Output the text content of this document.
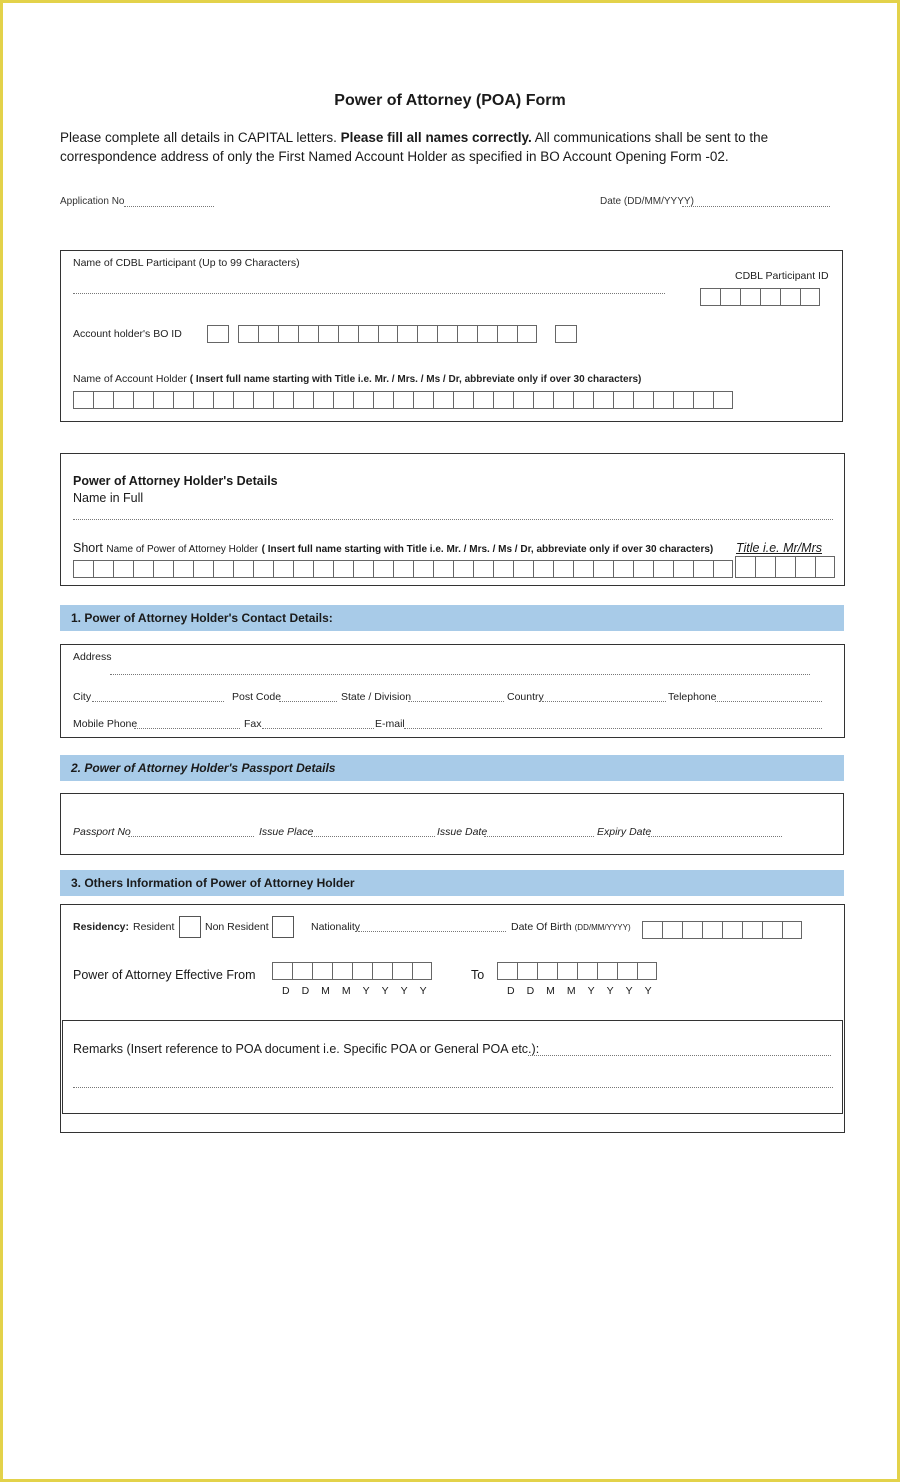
Power of Attorney (POA) Form
Please complete all details in CAPITAL letters. Please fill all names correctly. All communications shall be sent to the correspondence address of only the First Named Account Holder as specified in BO Account Opening Form -02.
Application No	Date (DD/MM/YYYY)
Name of CDBL Participant (Up to 99 Characters)
CDBL Participant ID
Account holder's BO ID
Name of Account Holder ( Insert full name starting with Title i.e. Mr. / Mrs. / Ms / Dr, abbreviate only if over 30 characters)
Power of Attorney Holder's Details
Name in Full
Short Name of Power of Attorney Holder ( Insert full name starting with Title i.e. Mr. / Mrs. / Ms / Dr, abbreviate only if over 30 characters) Title i.e. Mr/Mrs
1. Power of Attorney Holder's Contact Details:
Address
City	Post Code	State / Division	Country	Telephone
Mobile Phone	Fax	E-mail
2. Power of Attorney Holder's Passport Details
Passport No	Issue Place	Issue Date	Expiry Date
3. Others Information of Power of Attorney Holder
Residency: Resident	Non Resident	Nationality	Date Of Birth (DD/MM/YYYY)
Power of Attorney Effective From
DDMMYYYY
To
DDMMYYYY
Remarks (Insert reference to POA document i.e. Specific POA or General POA etc.):
